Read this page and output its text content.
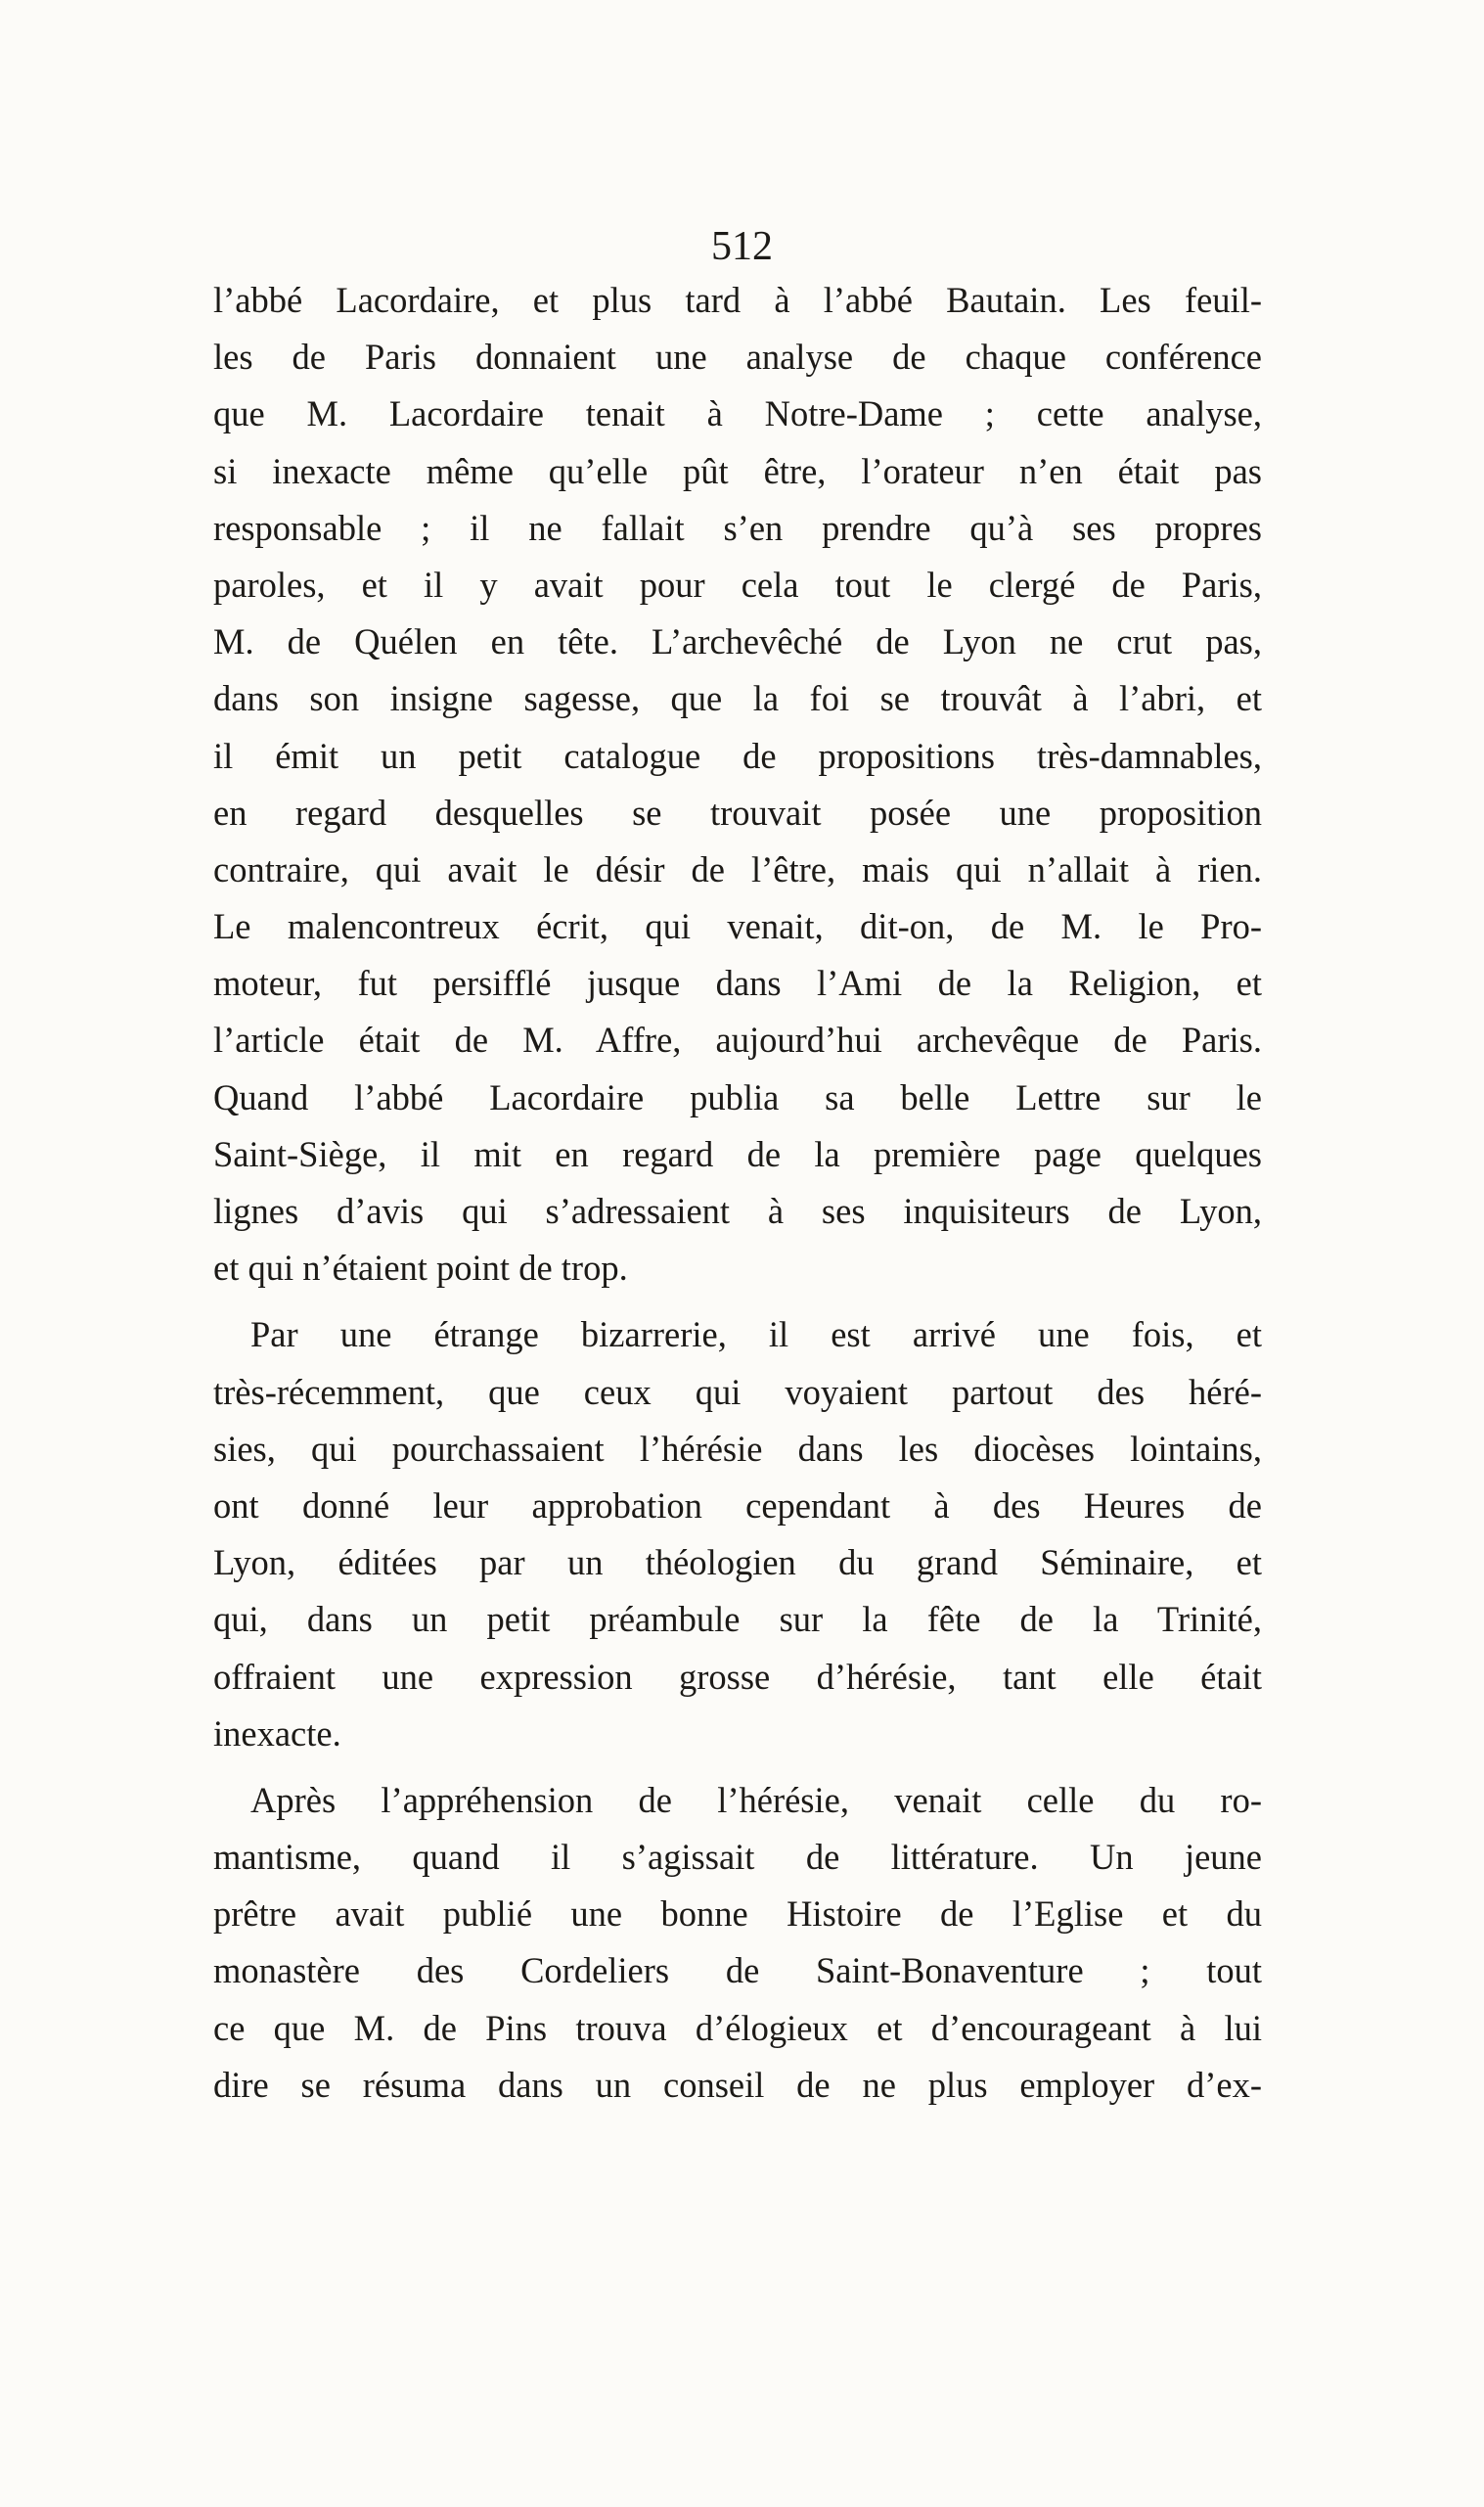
512
l’abbé Lacordaire, et plus tard à l’abbé Bautain. Les feuil-
les de Paris donnaient une analyse de chaque conférence
que M. Lacordaire tenait à Notre-Dame ; cette analyse,
si inexacte même qu’elle pût être, l’orateur n’en était pas
responsable ; il ne fallait s’en prendre qu’à ses propres
paroles, et il y avait pour cela tout le clergé de Paris,
M. de Quélen en tête. L’archevêché de Lyon ne crut pas,
dans son insigne sagesse, que la foi se trouvât à l’abri, et
il émit un petit catalogue de propositions très-damnables,
en regard desquelles se trouvait posée une proposition
contraire, qui avait le désir de l’être, mais qui n’allait à rien.
Le malencontreux écrit, qui venait, dit-on, de M. le Pro-
moteur, fut persifflé jusque dans l’Ami de la Religion, et
l’article était de M. Affre, aujourd’hui archevêque de Paris.
Quand l’abbé Lacordaire publia sa belle Lettre sur le
Saint-Siège, il mit en regard de la première page quelques
lignes d’avis qui s’adressaient à ses inquisiteurs de Lyon,
et qui n’étaient point de trop.
Par une étrange bizarrerie, il est arrivé une fois, et
très-récemment, que ceux qui voyaient partout des héré-
sies, qui pourchassaient l’hérésie dans les diocèses lointains,
ont donné leur approbation cependant à des Heures de
Lyon, éditées par un théologien du grand Séminaire, et
qui, dans un petit préambule sur la fête de la Trinité,
offraient une expression grosse d’hérésie, tant elle était
inexacte.
Après l’appréhension de l’hérésie, venait celle du ro-
mantisme, quand il s’agissait de littérature. Un jeune
prêtre avait publié une bonne Histoire de l’Eglise et du
monastère des Cordeliers de Saint-Bonaventure ; tout
ce que M. de Pins trouva d’élogieux et d’encourageant à lui
dire se résuma dans un conseil de ne plus employer d’ex-
